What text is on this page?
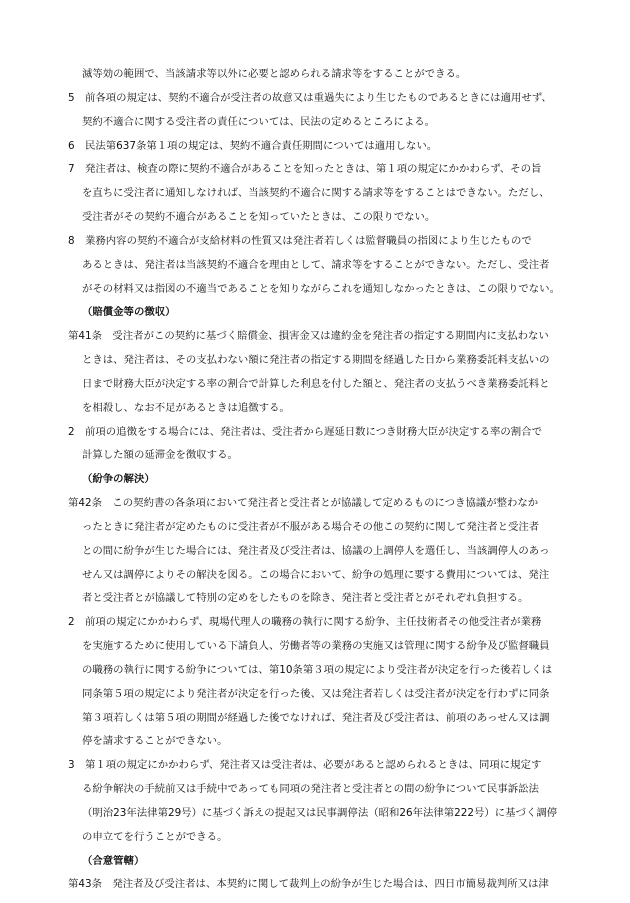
滅等効の範囲で、当該請求等以外に必要と認められる請求等をすることができる。
5　前各項の規定は、契約不適合が受注者の故意又は重過失により生じたものであるときには適用せず、
契約不適合に関する受注者の責任については、民法の定めるところによる。
6　民法第637条第１項の規定は、契約不適合責任期間については適用しない。
7　発注者は、検査の際に契約不適合があることを知ったときは、第１項の規定にかかわらず、その旨
を直ちに受注者に通知しなければ、当該契約不適合に関する請求等をすることはできない。ただし、
受注者がその契約不適合があることを知っていたときは、この限りでない。
8　業務内容の契約不適合が支給材料の性質又は発注者若しくは監督職員の指図により生じたもので
あるときは、発注者は当該契約不適合を理由として、請求等をすることができない。ただし、受注者
がその材料又は指図の不適当であることを知りながらこれを通知しなかったときは、この限りでない。
（賠償金等の徴収）
第41条　受注者がこの契約に基づく賠償金、損害金又は違約金を発注者の指定する期間内に支払わない
ときは、発注者は、その支払わない額に発注者の指定する期間を経過した日から業務委託料支払いの
日まで財務大臣が決定する率の割合で計算した利息を付した額と、発注者の支払うべき業務委託料と
を相殺し、なお不足があるときは追徴する。
2　前項の追徴をする場合には、発注者は、受注者から遅延日数につき財務大臣が決定する率の割合で
計算した額の延滞金を徴収する。
（紛争の解決）
第42条　この契約書の各条項において発注者と受注者とが協議して定めるものにつき協議が整わなか
ったときに発注者が定めたものに受注者が不服がある場合その他この契約に関して発注者と受注者
との間に紛争が生じた場合には、発注者及び受注者は、協議の上調停人を選任し、当該調停人のあっ
せん又は調停によりその解決を図る。この場合において、紛争の処理に要する費用については、発注
者と受注者とが協議して特別の定めをしたものを除き、発注者と受注者とがそれぞれ負担する。
2　前項の規定にかかわらず、現場代理人の職務の執行に関する紛争、主任技術者その他受注者が業務
を実施するために使用している下請負人、労働者等の業務の実施又は管理に関する紛争及び監督職員
の職務の執行に関する紛争については、第10条第３項の規定により受注者が決定を行った後若しくは
同条第５項の規定により発注者が決定を行った後、又は発注者若しくは受注者が決定を行わずに同条
第３項若しくは第５項の期間が経過した後でなければ、発注者及び受注者は、前項のあっせん又は調
停を請求することができない。
3　第１項の規定にかかわらず、発注者又は受注者は、必要があると認められるときは、同項に規定す
る紛争解決の手続前又は手続中であっても同項の発注者と受注者との間の紛争について民事訴訟法
（明治23年法律第29号）に基づく訴えの提起又は民事調停法（昭和26年法律第222号）に基づく調停
の申立てを行うことができる。
（合意管轄）
第43条　発注者及び受注者は、本契約に関して裁判上の紛争が生じた場合は、四日市簡易裁判所又は津
